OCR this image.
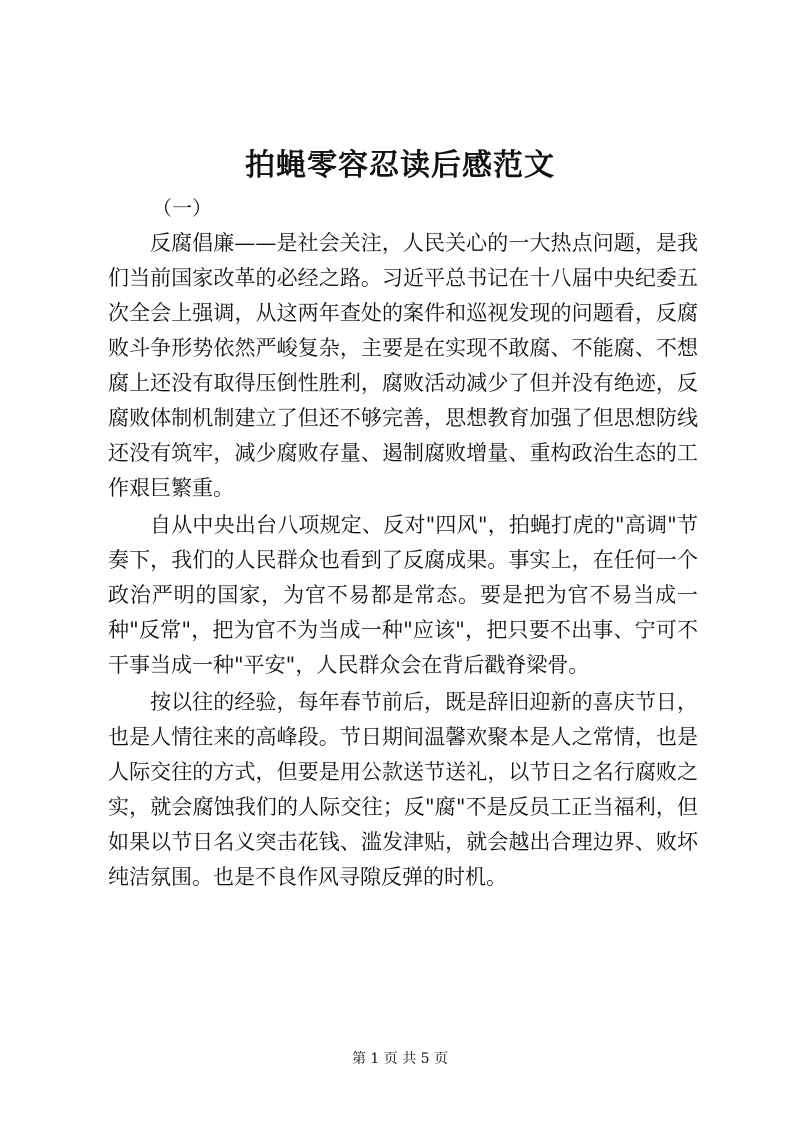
拍蝇零容忍读后感范文

（一）

反腐倡廉——是社会关注，人民关心的一大热点问题，是我们当前国家改革的必经之路。习近平总书记在十八届中央纪委五次全会上强调，从这两年查处的案件和巡视发现的问题看，反腐败斗争形势依然严峻复杂，主要是在实现不敢腐、不能腐、不想腐上还没有取得压倒性胜利，腐败活动减少了但并没有绝迹，反腐败体制机制建立了但还不够完善，思想教育加强了但思想防线还没有筑牢，减少腐败存量、遏制腐败增量、重构政治生态的工作艰巨繁重。

自从中央出台八项规定、反对"四风"，拍蝇打虎的"高调"节奏下，我们的人民群众也看到了反腐成果。事实上，在任何一个政治严明的国家，为官不易都是常态。要是把为官不易当成一种"反常"，把为官不为当成一种"应该"，把只要不出事、宁可不干事当成一种"平安"，人民群众会在背后戳脊梁骨。

按以往的经验，每年春节前后，既是辞旧迎新的喜庆节日，也是人情往来的高峰段。节日期间温馨欢聚本是人之常情，也是人际交往的方式，但要是用公款送节送礼，以节日之名行腐败之实，就会腐蚀我们的人际交往；反"腐"不是反员工正当福利，但如果以节日名义突击花钱、滥发津贴，就会越出合理边界、败坏纯洁氛围。也是不良作风寻隙反弹的时机。

第 1 页 共 5 页
